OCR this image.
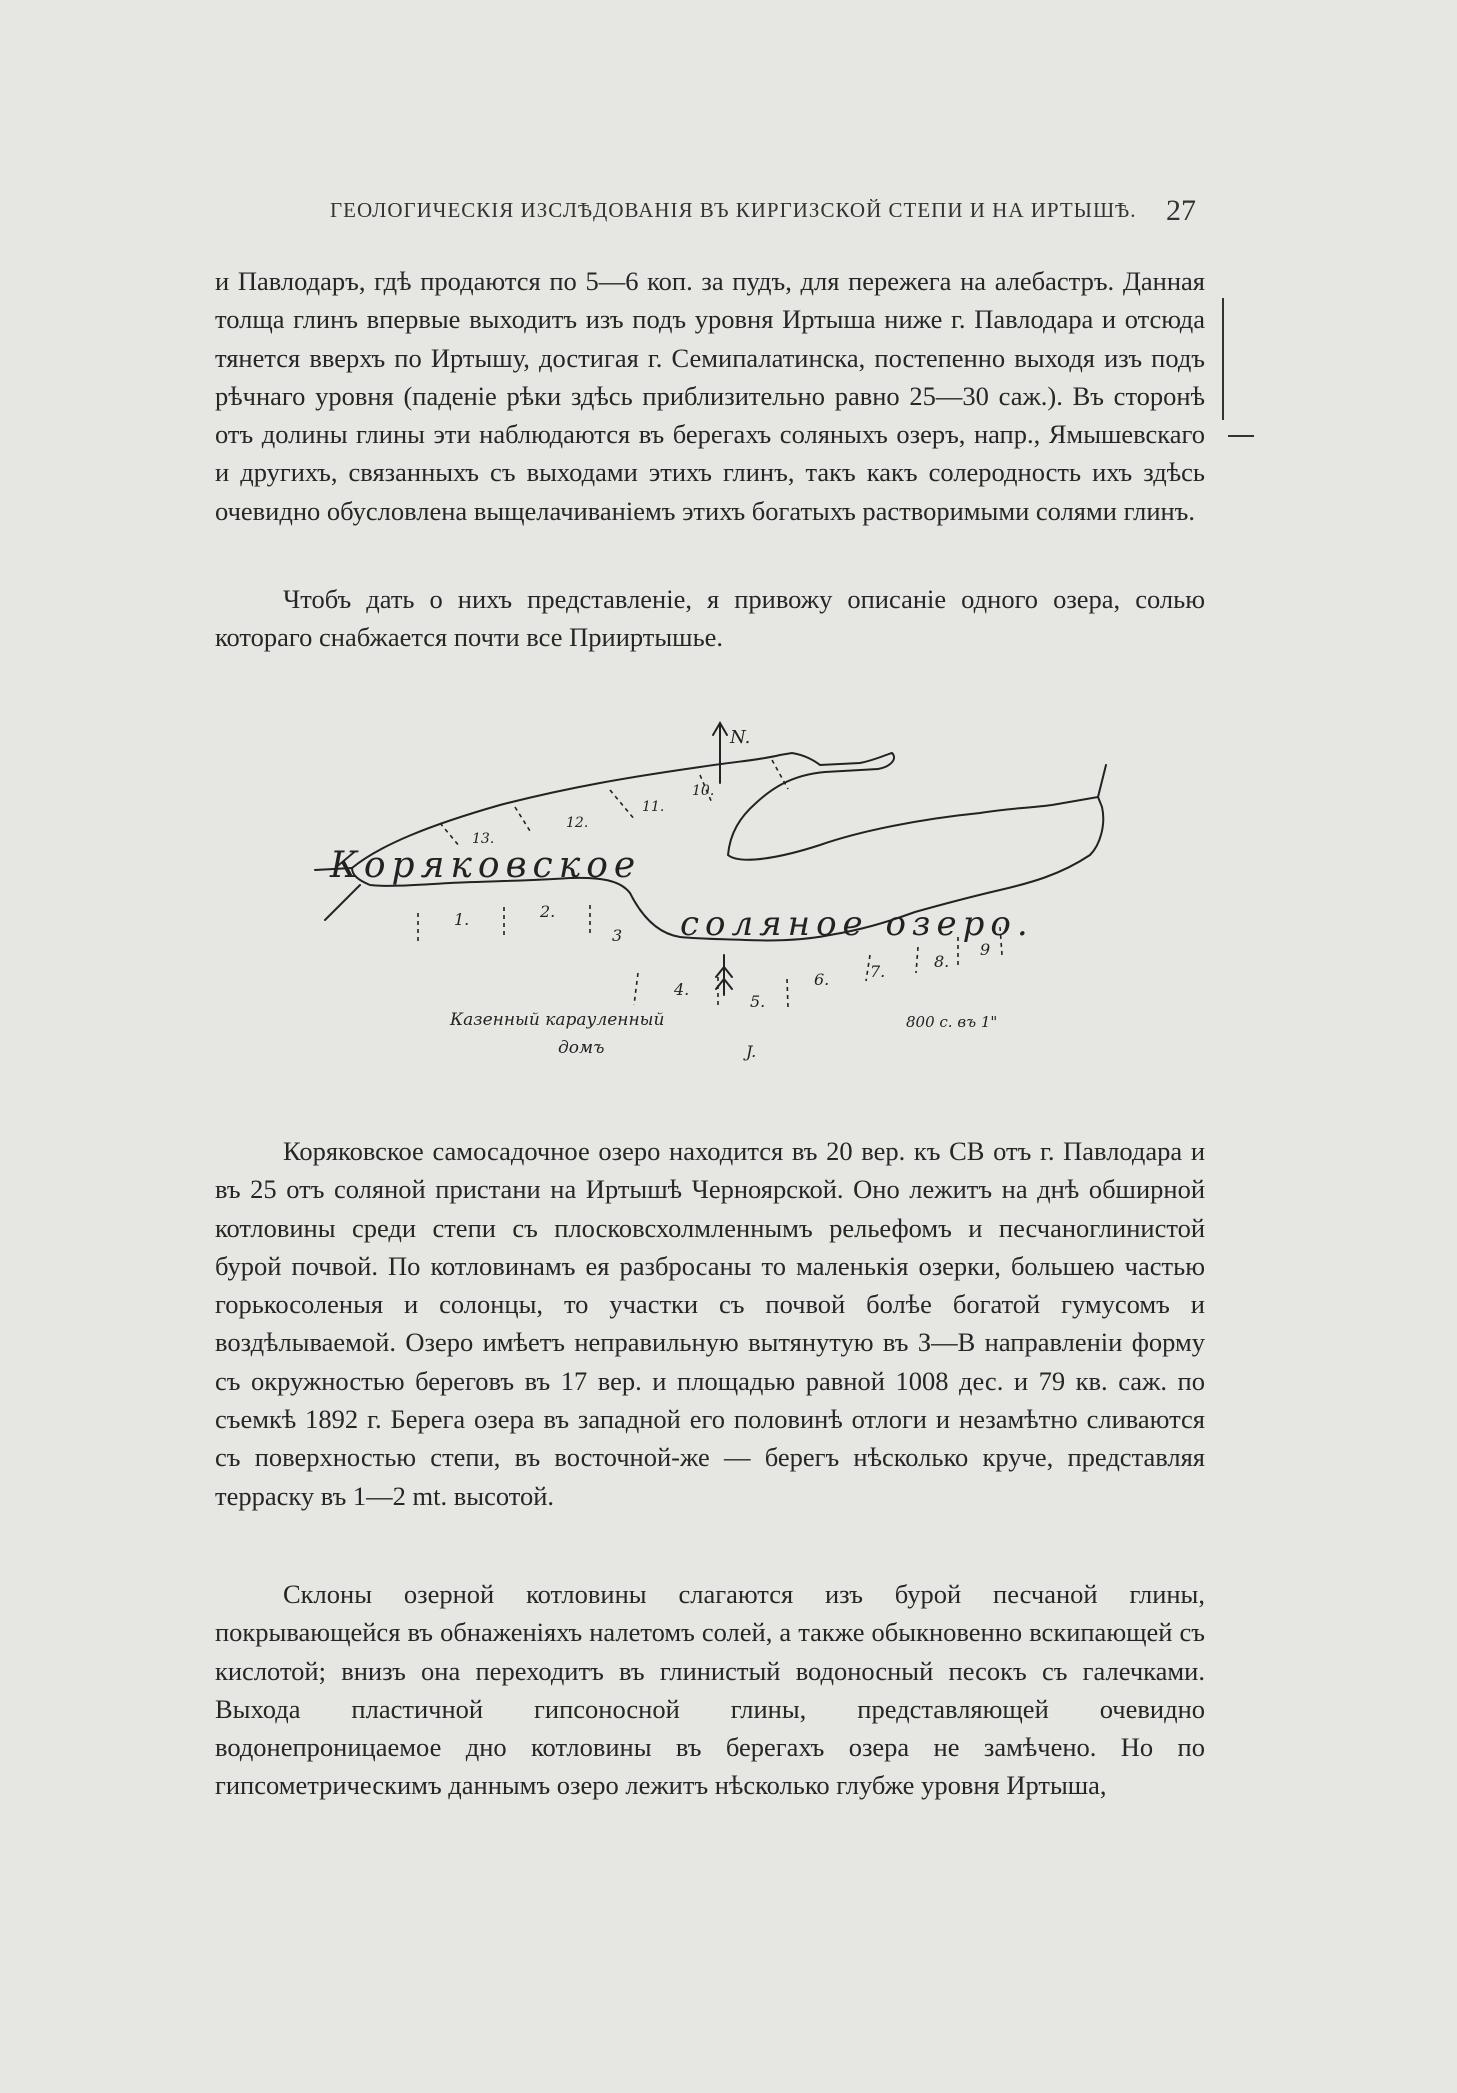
ГЕОЛОГИЧЕСКІЯ ИЗСЛѢДОВАНІЯ ВЪ КИРГИЗСКОЙ СТЕПИ И НА ИРТЫШѢ. 27

и Павлодаръ, гдѣ продаются по 5—6 коп. за пудъ, для пережега на алебастръ. Данная толща глинъ впервые выходитъ изъ подъ уровня Иртыша ниже г. Павлодара и отсюда тянется вверхъ по Иртышу, достигая г. Семипалатинска, постепенно выходя изъ подъ рѣчнаго уровня (паденіе рѣки здѣсь приблизительно равно 25—30 саж.). Въ сторонѣ отъ долины глины эти наблюдаются въ берегахъ соляныхъ озеръ, напр., Ямышевскаго и другихъ, связанныхъ съ выходами этихъ глинъ, такъ какъ солеродность ихъ здѣсь очевидно обусловлена выщелачиваніемъ этихъ богатыхъ растворимыми солями глинъ.

Чтобъ дать о нихъ представленіе, я привожу описаніе одного озера, солью котораго снабжается почти все Прииртышье.

Коряковское
соляное озеро.
N.
1.	2.
3
4.
5.
6.	7.
8.
9
10.
11.
12.
13.
Казенный карауленный
домъ	J.
800 с. въ 1"

Коряковское самосадочное озеро находится въ 20 вер. къ СВ отъ г. Павлодара и въ 25 отъ соляной пристани на Иртышѣ Черноярской. Оно лежитъ на днѣ обширной котловины среди степи съ плосковсхолмленнымъ рельефомъ и песчаноглинистой бурой почвой. По котловинамъ ея разбросаны то маленькія озерки, большею частью горькосоленыя и солонцы, то участки съ почвой болѣе богатой гумусомъ и воздѣлываемой. Озеро имѣетъ неправильную вытянутую въ З—В направленіи форму съ окружностью береговъ въ 17 вер. и площадью равной 1008 дес. и 79 кв. саж. по съемкѣ 1892 г. Берега озера въ западной его половинѣ отлоги и незамѣтно сливаются съ поверхностью степи, въ восточной-же — берегъ нѣсколько круче, представляя терраску въ 1—2 mt. высотой.

Склоны озерной котловины слагаются изъ бурой песчаной глины, покрывающейся въ обнаженіяхъ налетомъ солей, а также обыкновенно вскипающей съ кислотой; внизъ она переходитъ въ глинистый водоносный песокъ съ галечками. Выхода пластичной гипсоносной глины, представляющей очевидно водонепроницаемое дно котловины въ берегахъ озера не замѣчено. Но по гипсометрическимъ даннымъ озеро лежитъ нѣсколько глубже уровня Иртыша,
